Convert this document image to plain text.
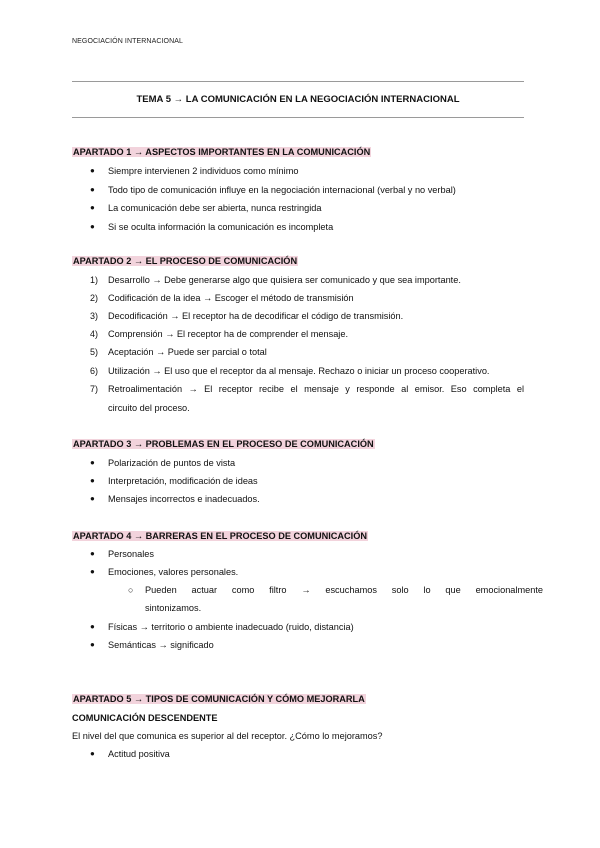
NEGOCIACIÓN INTERNACIONAL
TEMA 5 → LA COMUNICACIÓN EN LA NEGOCIACIÓN INTERNACIONAL
APARTADO 1 → ASPECTOS IMPORTANTES EN LA COMUNICACIÓN
●	Siempre intervienen 2 individuos como mínimo
●	Todo tipo de comunicación influye en la negociación internacional (verbal y no verbal)
●	La comunicación debe ser abierta, nunca restringida
●	Si se oculta información la comunicación es incompleta
APARTADO 2 → EL PROCESO DE COMUNICACIÓN
1)	Desarrollo → Debe generarse algo que quisiera ser comunicado y que sea importante.
2)	Codificación de la idea → Escoger el método de transmisión
3)	Decodificación → El receptor ha de decodificar el código de transmisión.
4)	Comprensión → El receptor ha de comprender el mensaje.
5)	Aceptación → Puede ser parcial o total
6)	Utilización → El uso que el receptor da al mensaje. Rechazo o iniciar un proceso cooperativo.
7)	Retroalimentación → El receptor recibe el mensaje y responde al emisor. Eso completa el
circuito del proceso.
APARTADO 3 → PROBLEMAS EN EL PROCESO DE COMUNICACIÓN
●	Polarización de puntos de vista
●	Interpretación, modificación de ideas
●	Mensajes incorrectos e inadecuados.
APARTADO 4 → BARRERAS EN EL PROCESO DE COMUNICACIÓN
●	Personales
●	Emociones, valores personales.
○	Pueden actuar como filtro → escuchamos solo lo que emocionalmente
sintonizamos.
●	Físicas → territorio o ambiente inadecuado (ruido, distancia)
●	Semánticas → significado
APARTADO 5 → TIPOS DE COMUNICACIÓN Y CÓMO MEJORARLA
COMUNICACIÓN DESCENDENTE
El nivel del que comunica es superior al del receptor. ¿Cómo lo mejoramos?
●	Actitud positiva
